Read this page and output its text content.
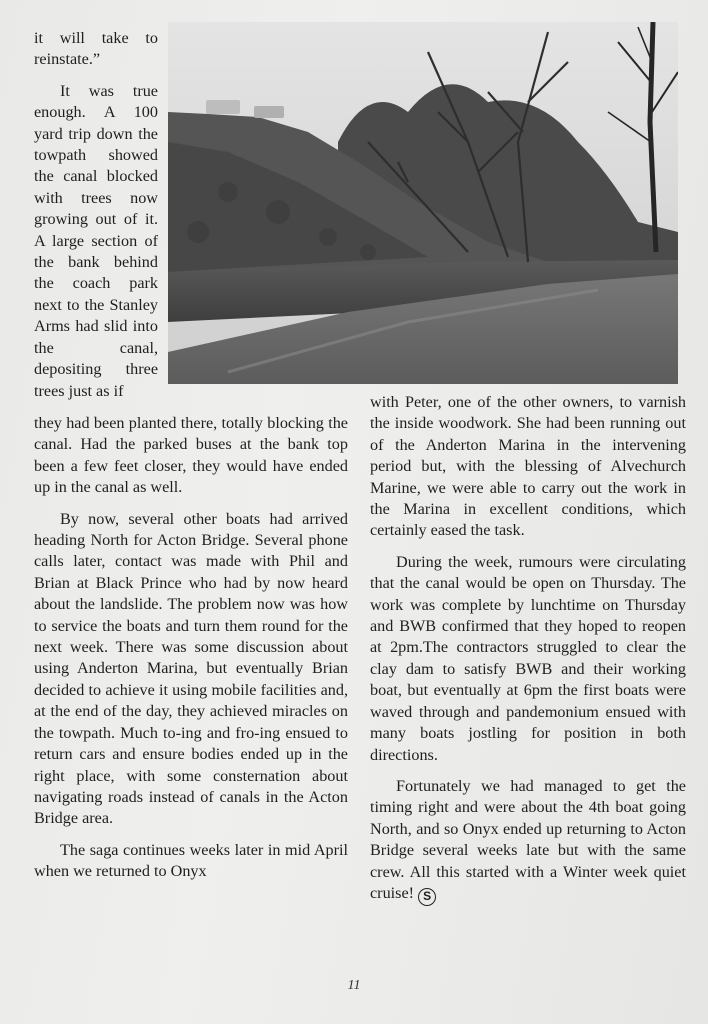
it will take to reinstate.”

It was true enough. A 100 yard trip down the towpath showed the canal blocked with trees now growing out of it. A large section of the bank behind the coach park next to the Stanley Arms had slid into the canal, depositing three trees just as if

they had been planted there, totally blocking the canal. Had the parked buses at the bank top been a few feet closer, they would have ended up in the canal as well.

By now, several other boats had arrived heading North for Acton Bridge. Several phone calls later, contact was made with Phil and Brian at Black Prince who had by now heard about the landslide. The problem now was how to service the boats and turn them round for the next week. There was some discussion about using Anderton Marina, but eventually Brian decided to achieve it using mobile facilities and, at the end of the day, they achieved miracles on the towpath. Much to-ing and fro-ing ensued to return cars and ensure bodies ended up in the right place, with some consternation about navigating roads instead of canals in the Acton Bridge area.

The saga continues weeks later in mid April when we returned to Onyx

with Peter, one of the other owners, to varnish the inside woodwork. She had been running out of the Anderton Marina in the intervening period but, with the blessing of Alvechurch Marine, we were able to carry out the work in the Marina in excellent conditions, which certainly eased the task.

During the week, rumours were circulating that the canal would be open on Thursday. The work was complete by lunchtime on Thursday and BWB confirmed that they hoped to reopen at 2pm.The contractors struggled to clear the clay dam to satisfy BWB and their working boat, but eventually at 6pm the first boats were waved through and pandemonium ensued with many boats jostling for position in both directions.

Fortunately we had managed to get the timing right and were about the 4th boat going North, and so Onyx ended up returning to Acton Bridge several weeks late but with the same crew. All this started with a Winter week quiet cruise! S

11
